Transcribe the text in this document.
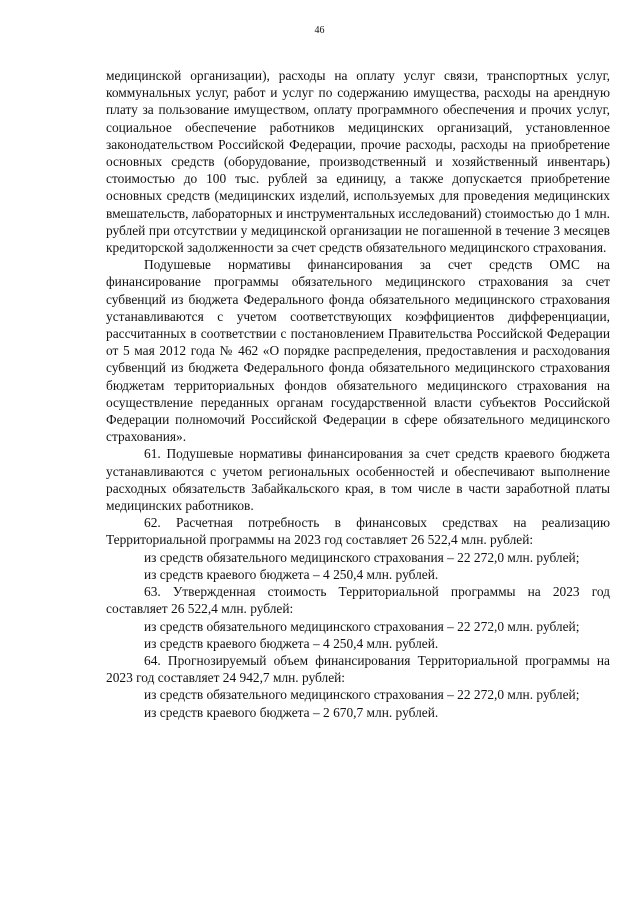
46

медицинской организации), расходы на оплату услуг связи, транспортных услуг, коммунальных услуг, работ и услуг по содержанию имущества, расходы на арендную плату за пользование имуществом, оплату программного обеспечения и прочих услуг, социальное обеспечение работников медицинских организаций, установленное законодательством Российской Федерации, прочие расходы, расходы на приобретение основных средств (оборудование, производственный и хозяйственный инвентарь) стоимостью до 100 тыс. рублей за единицу, а также допускается приобретение основных средств (медицинских изделий, используемых для проведения медицинских вмешательств, лабораторных и инструментальных исследований) стоимостью до 1 млн. рублей при отсутствии у медицинской организации не погашенной в течение 3 месяцев кредиторской задолженности за счет средств обязательного медицинского страхования.

Подушевые нормативы финансирования за счет средств ОМС на финансирование программы обязательного медицинского страхования за счет субвенций из бюджета Федерального фонда обязательного медицинского страхования устанавливаются с учетом соответствующих коэффициентов дифференциации, рассчитанных в соответствии с постановлением Правительства Российской Федерации от 5 мая 2012 года № 462 «О порядке распределения, предоставления и расходования субвенций из бюджета Федерального фонда обязательного медицинского страхования бюджетам территориальных фондов обязательного медицинского страхования на осуществление переданных органам государственной власти субъектов Российской Федерации полномочий Российской Федерации в сфере обязательного медицинского страхования».

61. Подушевые нормативы финансирования за счет средств краевого бюджета устанавливаются с учетом региональных особенностей и обеспечивают выполнение расходных обязательств Забайкальского края, в том числе в части заработной платы медицинских работников.

62. Расчетная потребность в финансовых средствах на реализацию Территориальной программы на 2023 год составляет 26 522,4 млн. рублей:

из средств обязательного медицинского страхования – 22 272,0 млн. рублей;

из средств краевого бюджета – 4 250,4 млн. рублей.

63. Утвержденная стоимость Территориальной программы на 2023 год составляет 26 522,4 млн. рублей:

из средств обязательного медицинского страхования – 22 272,0 млн. рублей;

из средств краевого бюджета – 4 250,4 млн. рублей.

64. Прогнозируемый объем финансирования Территориальной программы на 2023 год составляет 24 942,7 млн. рублей:

из средств обязательного медицинского страхования – 22 272,0 млн. рублей;

из средств краевого бюджета – 2 670,7 млн. рублей.
